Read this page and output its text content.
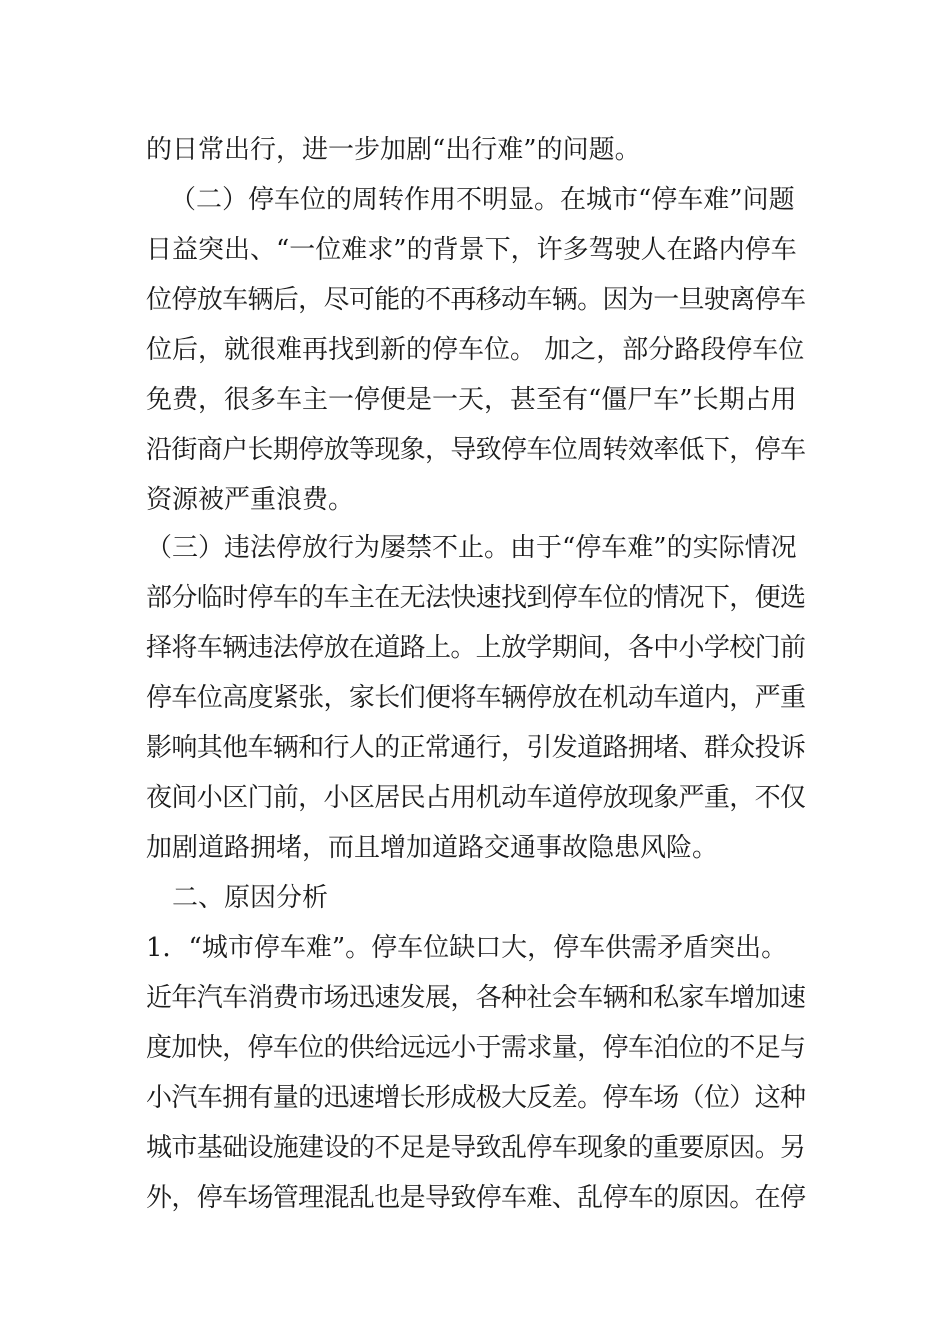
的日常出行，进一步加剧“出行难”的问题。
（二）停车位的周转作用不明显。在城市“停车难”问题
日益突出、“一位难求”的背景下，许多驾驶人在路内停车
位停放车辆后，尽可能的不再移动车辆。因为一旦驶离停车
位后，就很难再找到新的停车位。 加之，部分路段停车位
免费，很多车主一停便是一天，甚至有“僵尸车”长期占用
沿街商户长期停放等现象，导致停车位周转效率低下，停车
资源被严重浪费。
（三）违法停放行为屡禁不止。由于“停车难”的实际情况
部分临时停车的车主在无法快速找到停车位的情况下，便选
择将车辆违法停放在道路上。上放学期间，各中小学校门前
停车位高度紧张，家长们便将车辆停放在机动车道内，严重
影响其他车辆和行人的正常通行，引发道路拥堵、群众投诉
夜间小区门前，小区居民占用机动车道停放现象严重，不仅
加剧道路拥堵，而且增加道路交通事故隐患风险。
二、原因分析
1．“城市停车难”。停车位缺口大，停车供需矛盾突出。
近年汽车消费市场迅速发展，各种社会车辆和私家车增加速
度加快，停车位的供给远远小于需求量，停车泊位的不足与
小汽车拥有量的迅速增长形成极大反差。停车场（位）这种
城市基础设施建设的不足是导致乱停车现象的重要原因。另
外，停车场管理混乱也是导致停车难、乱停车的原因。在停
